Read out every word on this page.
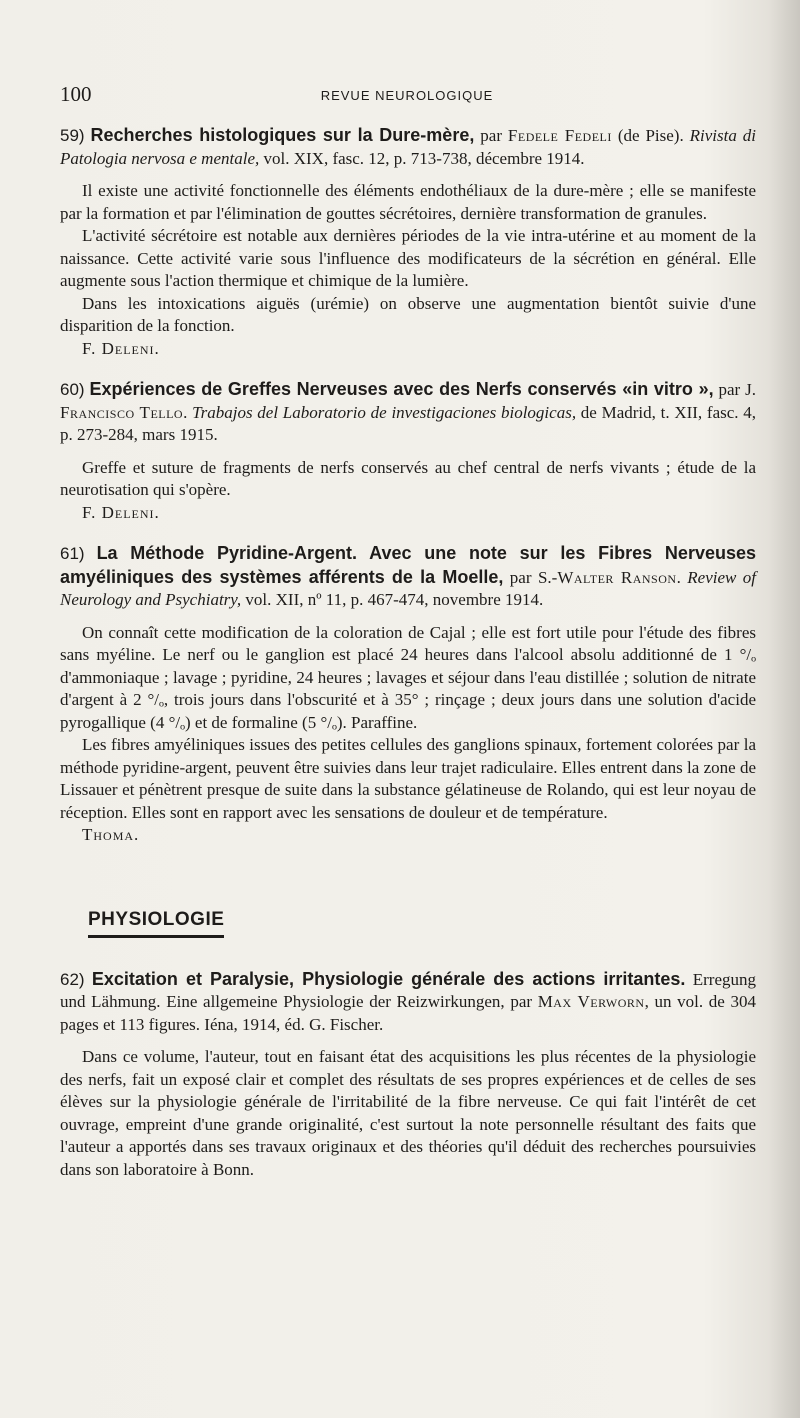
100	REVUE NEUROLOGIQUE

59) Recherches histologiques sur la Dure-mère, par Fedele Fedeli (de Pise). Rivista di Patologia nervosa e mentale, vol. XIX, fasc. 12, p. 713-738, décembre 1914.

Il existe une activité fonctionnelle des éléments endothéliaux de la dure-mère ; elle se manifeste par la formation et par l'élimination de gouttes sécrétoires, dernière transformation de granules.

L'activité sécrétoire est notable aux dernières périodes de la vie intra-utérine et au moment de la naissance. Cette activité varie sous l'influence des modificateurs de la sécrétion en général. Elle augmente sous l'action thermique et chimique de la lumière.

Dans les intoxications aiguës (urémie) on observe une augmentation bientôt suivie d'une disparition de la fonction.

F. Deleni.

60) Expériences de Greffes Nerveuses avec des Nerfs conservés «in vitro », par J. Francisco Tello. Trabajos del Laboratorio de investigaciones biologicas, de Madrid, t. XII, fasc. 4, p. 273-284, mars 1915.

Greffe et suture de fragments de nerfs conservés au chef central de nerfs vivants ; étude de la neurotisation qui s'opère.

F. Deleni.

61) La Méthode Pyridine-Argent. Avec une note sur les Fibres Nerveuses amyéliniques des systèmes afférents de la Moelle, par S.-Walter Ranson. Review of Neurology and Psychiatry, vol. XII, nº 11, p. 467-474, novembre 1914.

On connaît cette modification de la coloration de Cajal ; elle est fort utile pour l'étude des fibres sans myéline. Le nerf ou le ganglion est placé 24 heures dans l'alcool absolu additionné de 1 °/ₒ d'ammoniaque ; lavage ; pyridine, 24 heures ; lavages et séjour dans l'eau distillée ; solution de nitrate d'argent à 2 °/ₒ, trois jours dans l'obscurité et à 35° ; rinçage ; deux jours dans une solution d'acide pyrogallique (4 °/ₒ) et de formaline (5 °/ₒ). Paraffine.

Les fibres amyéliniques issues des petites cellules des ganglions spinaux, fortement colorées par la méthode pyridine-argent, peuvent être suivies dans leur trajet radiculaire. Elles entrent dans la zone de Lissauer et pénètrent presque de suite dans la substance gélatineuse de Rolando, qui est leur noyau de réception. Elles sont en rapport avec les sensations de douleur et de température.

Thoma.

PHYSIOLOGIE

62) Excitation et Paralysie, Physiologie générale des actions irritantes. Erregung und Lähmung. Eine allgemeine Physiologie der Reizwirkungen, par Max Verworn, un vol. de 304 pages et 113 figures. Iéna, 1914, éd. G. Fischer.

Dans ce volume, l'auteur, tout en faisant état des acquisitions les plus récentes de la physiologie des nerfs, fait un exposé clair et complet des résultats de ses propres expériences et de celles de ses élèves sur la physiologie générale de l'irritabilité de la fibre nerveuse. Ce qui fait l'intérêt de cet ouvrage, empreint d'une grande originalité, c'est surtout la note personnelle résultant des faits que l'auteur a apportés dans ses travaux originaux et des théories qu'il déduit des recherches poursuivies dans son laboratoire à Bonn.
